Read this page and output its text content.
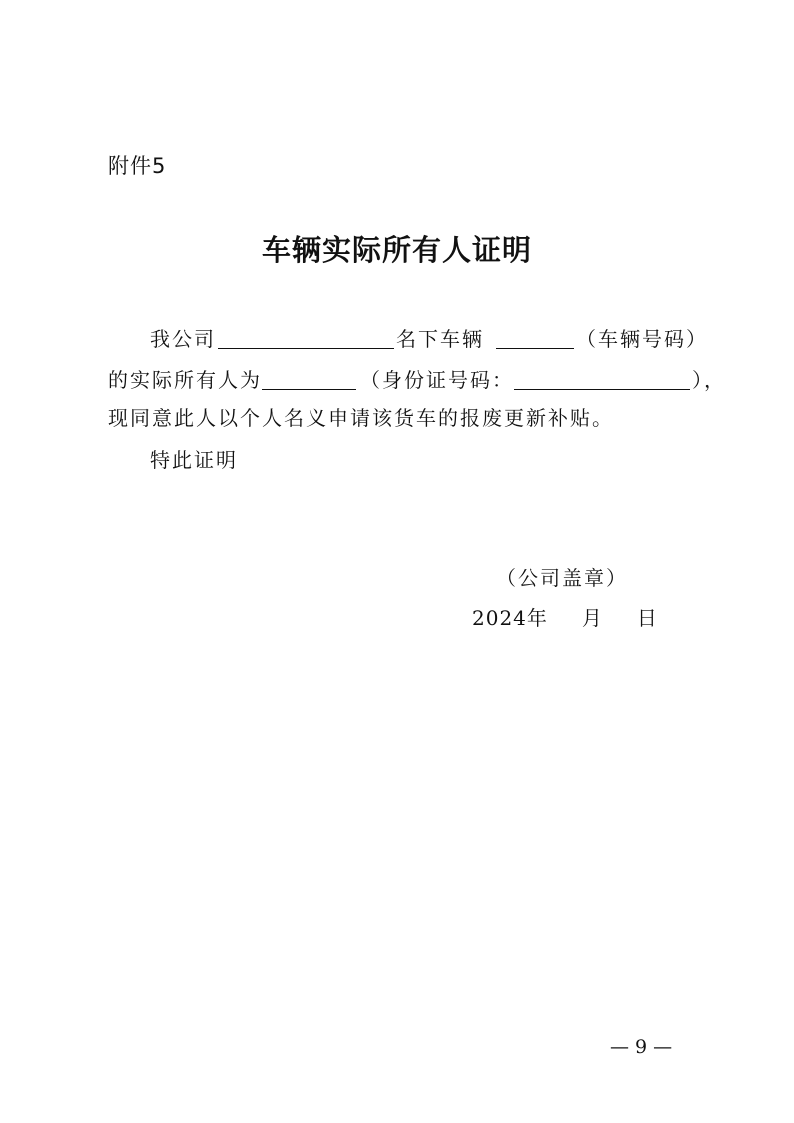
附件5
车辆实际所有人证明
我公司	名下车辆	（车辆号码）
的实际所有人为	（身份证号码：	），
现同意此人以个人名义申请该货车的报废更新补贴。
特此证明
（公司盖章）
2024年 月 日
— 9 —
